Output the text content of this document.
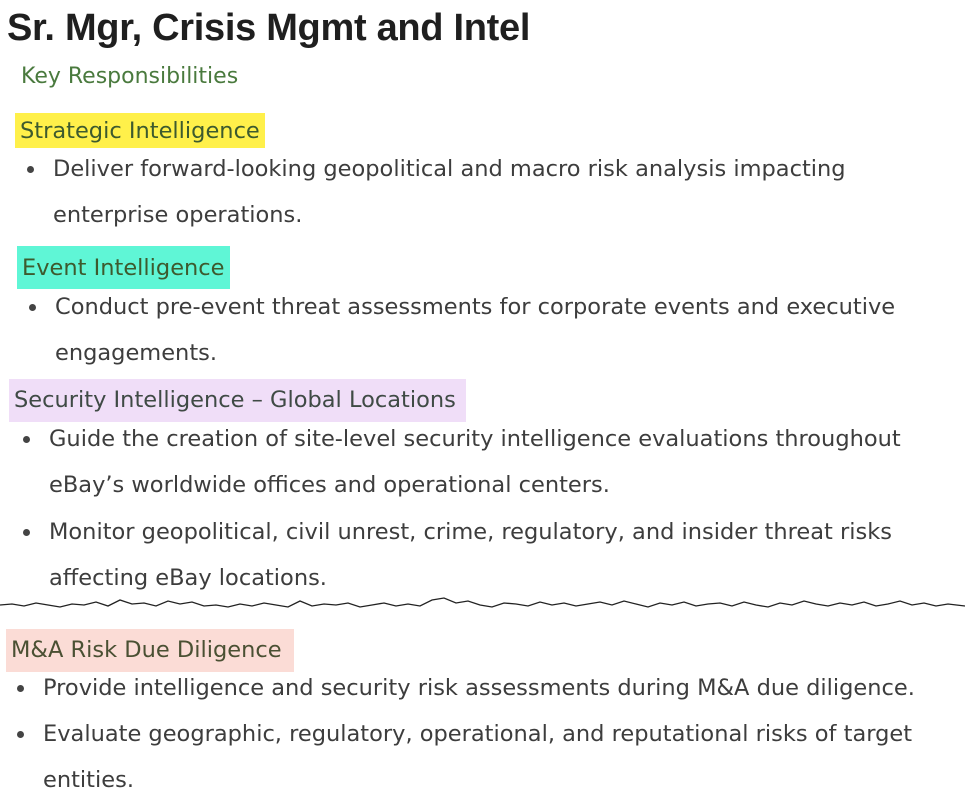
Sr. Mgr, Crisis Mgmt and Intel
Key Responsibilities
Strategic Intelligence
Deliver forward-looking geopolitical and macro risk analysis impacting enterprise operations.
Event Intelligence
Conduct pre-event threat assessments for corporate events and executive engagements.
Security Intelligence – Global Locations
Guide the creation of site-level security intelligence evaluations throughout eBay’s worldwide offices and operational centers.
Monitor geopolitical, civil unrest, crime, regulatory, and insider threat risks affecting eBay locations.
M&A Risk Due Diligence
Provide intelligence and security risk assessments during M&A due diligence.
Evaluate geographic, regulatory, operational, and reputational risks of target entities.
